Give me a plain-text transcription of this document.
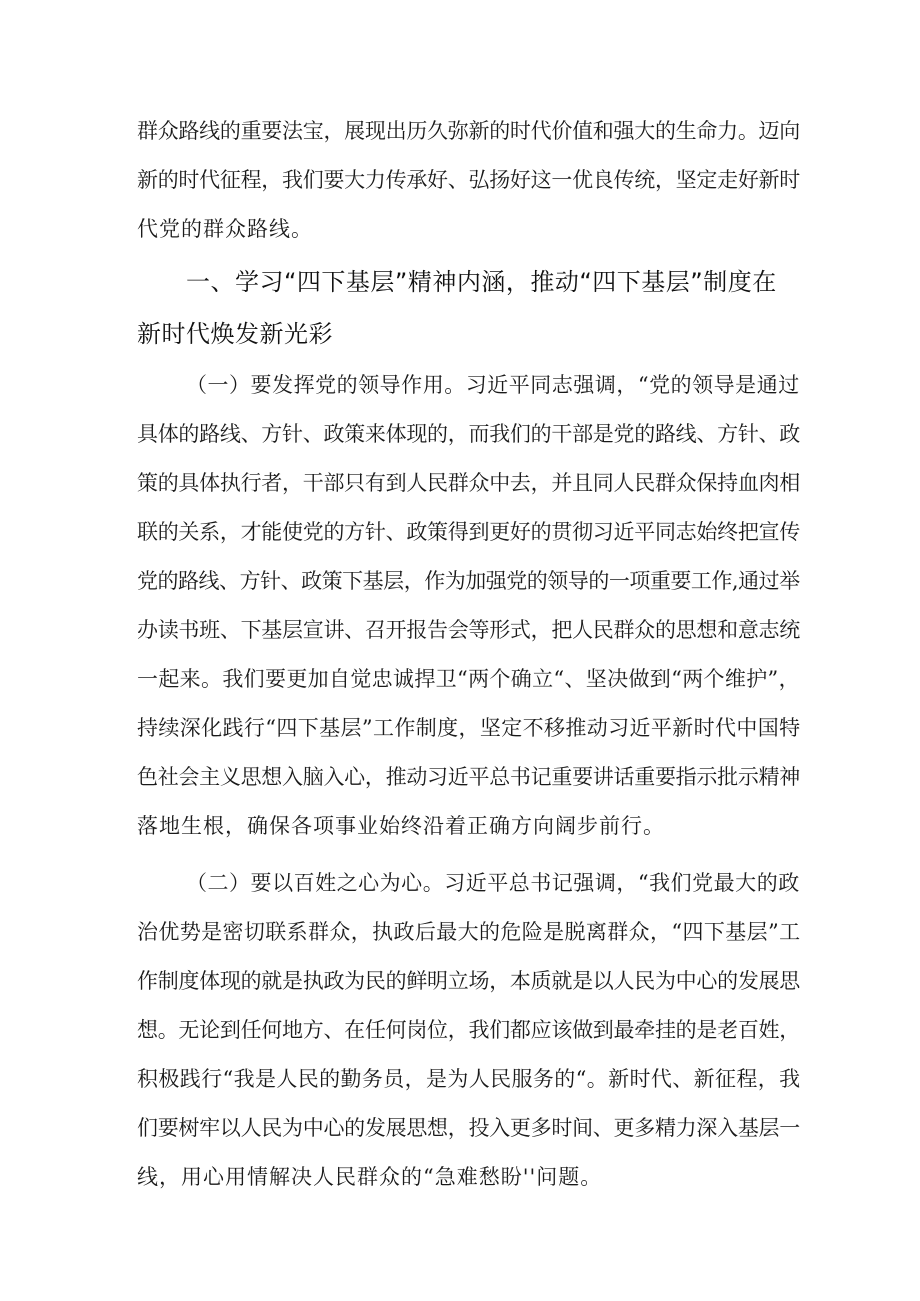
群众路线的重要法宝，展现出历久弥新的时代价值和强大的生命力。迈向
新的时代征程，我们要大力传承好、弘扬好这一优良传统，坚定走好新时
代党的群众路线。
一、学习“四下基层”精神内涵，推动“四下基层”制度在
新时代焕发新光彩
（一）要发挥党的领导作用。习近平同志强调，“党的领导是通过
具体的路线、方针、政策来体现的，而我们的干部是党的路线、方针、政
策的具体执行者，干部只有到人民群众中去，并且同人民群众保持血肉相
联的关系，才能使党的方针、政策得到更好的贯彻习近平同志始终把宣传
党的路线、方针、政策下基层，作为加强党的领导的一项重要工作,通过举
办读书班、下基层宣讲、召开报告会等形式，把人民群众的思想和意志统
一起来。我们要更加自觉忠诚捍卫“两个确立“、坚决做到“两个维护”，
持续深化践行“四下基层”工作制度，坚定不移推动习近平新时代中国特
色社会主义思想入脑入心，推动习近平总书记重要讲话重要指示批示精神
落地生根，确保各项事业始终沿着正确方向阔步前行。
（二）要以百姓之心为心。习近平总书记强调，“我们党最大的政
治优势是密切联系群众，执政后最大的危险是脱离群众，“四下基层”工
作制度体现的就是执政为民的鲜明立场，本质就是以人民为中心的发展思
想。无论到任何地方、在任何岗位，我们都应该做到最牵挂的是老百姓，
积极践行“我是人民的勤务员，是为人民服务的“。新时代、新征程，我
们要树牢以人民为中心的发展思想，投入更多时间、更多精力深入基层一
线，用心用情解决人民群众的“急难愁盼''问题。
